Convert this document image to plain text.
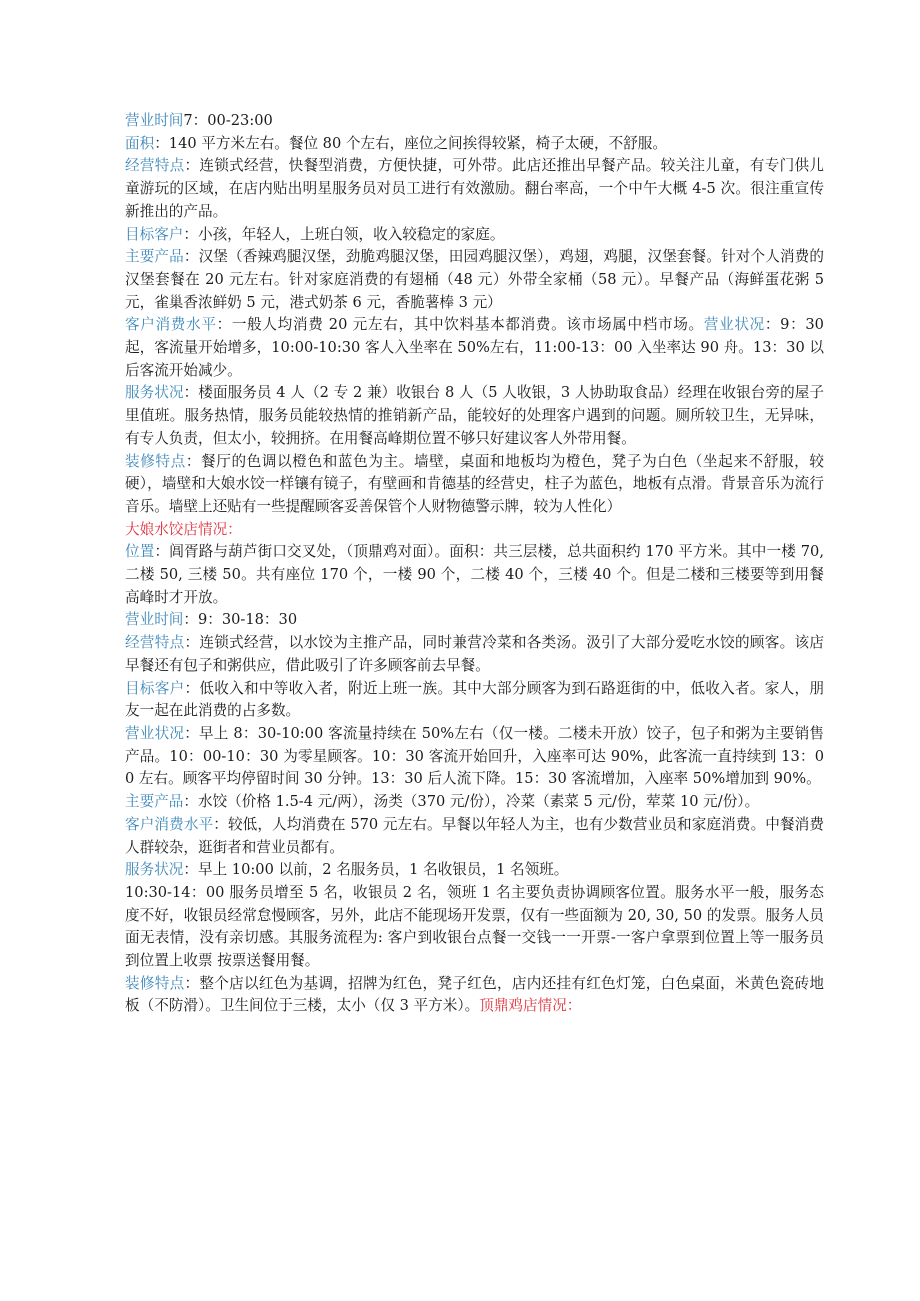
营业时间7：00-23:00

面积：140 平方米左右。餐位 80 个左右，座位之间挨得较紧，椅子太硬，不舒服。

经营特点：连锁式经营，快餐型消费，方便快捷，可外带。此店还推出早餐产品。较关注儿童，有专门供儿童游玩的区域，在店内贴出明星服务员对员工进行有效激励。翻台率高，一个中午大概 4-5 次。很注重宣传新推出的产品。

目标客户：小孩，年轻人，上班白领，收入较稳定的家庭。

主要产品：汉堡（香辣鸡腿汉堡，劲脆鸡腿汉堡，田园鸡腿汉堡），鸡翅，鸡腿，汉堡套餐。针对个人消费的汉堡套餐在 20 元左右。针对家庭消费的有翅桶（48 元）外带全家桶（58 元）。早餐产品（海鲜蛋花粥 5 元，雀巢香浓鲜奶 5 元，港式奶茶 6 元，香脆薯棒 3 元）

客户消费水平：一般人均消费 20 元左右，其中饮料基本都消费。该市场属中档市场。营业状况：9：30 起，客流量开始增多，10:00-10:30 客人入坐率在 50%左右，11:00-13：00 入坐率达 90 舟。13：30 以后客流开始减少。

服务状况：楼面服务员 4 人（2 专 2 兼）收银台 8 人（5 人收银，3 人协助取食品）经理在收银台旁的屋子里值班。服务热情，服务员能较热情的推销新产品，能较好的处理客户遇到的问题。厕所较卫生，无异味，有专人负责，但太小，较拥挤。在用餐高峰期位置不够只好建议客人外带用餐。

装修特点：餐厅的色调以橙色和蓝色为主。墙壁，桌面和地板均为橙色，凳子为白色（坐起来不舒服，较硬），墙壁和大娘水饺一样镶有镜子，有壁画和肯德基的经营史，柱子为蓝色，地板有点滑。背景音乐为流行音乐。墙壁上还贴有一些提醒顾客妥善保管个人财物德警示牌，较为人性化）

大娘水饺店情况：

位置：阊胥路与葫芦街口交叉处，（顶鼎鸡对面）。面积：共三层楼，总共面积约 170 平方米。其中一楼 70, 二楼 50, 三楼 50。共有座位 170 个，一楼 90 个，二楼 40 个，三楼 40 个。但是二楼和三楼要等到用餐高峰时才开放。

营业时间：9：30-18：30

经营特点：连锁式经营，以水饺为主推产品，同时兼营冷菜和各类汤。汲引了大部分爱吃水饺的顾客。该店早餐还有包子和粥供应，借此吸引了许多顾客前去早餐。

目标客户：低收入和中等收入者，附近上班一族。其中大部分顾客为到石路逛街的中，低收入者。家人，朋友一起在此消费的占多数。

营业状况：早上 8：30-10:00 客流量持续在 50%左右（仅一楼。二楼未开放）饺子，包子和粥为主要销售产品。10：00-10：30 为零星顾客。10：30 客流开始回升，入座率可达 90%，此客流一直持续到 13：00 左右。顾客平均停留时间 30 分钟。13：30 后人流下降。15：30 客流增加，入座率 50%增加到 90%。

主要产品：水饺（价格 1.5-4 元/两），汤类（370 元/份），冷菜（素菜 5 元/份，荤菜 10 元/份）。

客户消费水平：较低，人均消费在 570 元左右。早餐以年轻人为主，也有少数营业员和家庭消费。中餐消费人群较杂，逛街者和营业员都有。

服务状况：早上 10:00 以前，2 名服务员，1 名收银员，1 名领班。

10:30-14：00 服务员增至 5 名，收银员 2 名，领班 1 名主要负责协调顾客位置。服务水平一般，服务态度不好，收银员经常怠慢顾客，另外，此店不能现场开发票，仅有一些面额为 20, 30, 50 的发票。服务人员面无表情，没有亲切感。其服务流程为: 客户到收银台点餐一交钱一一开票-一客户拿票到位置上等一服务员到位置上收票 按票送餐用餐。

装修特点：整个店以红色为基调，招牌为红色，凳子红色，店内还挂有红色灯笼，白色桌面，米黄色瓷砖地板（不防滑）。卫生间位于三楼，太小（仅 3 平方米）。顶鼎鸡店情况：
